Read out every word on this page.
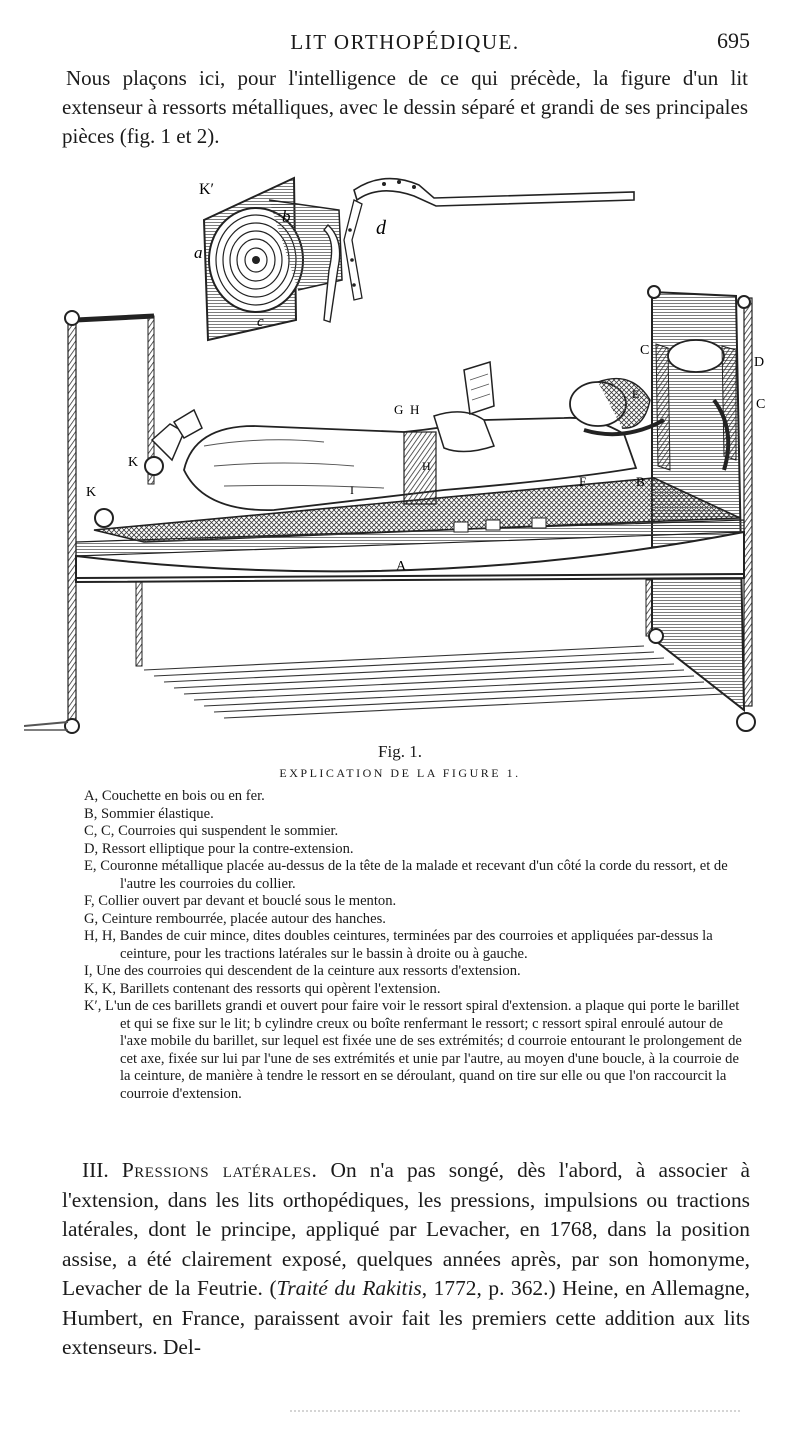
LIT ORTHOPÉDIQUE.	695
Nous plaçons ici, pour l'intelligence de ce qui précède, la figure d'un lit extenseur à ressorts métalliques, avec le dessin séparé et grandi de ses principales pièces (fig. 1 et 2).
K′
a
b
c
d
C
C
D
A
K
K
B
F
G H
H
I
E
Fig. 1.
EXPLICATION DE LA FIGURE 1.
A, Couchette en bois ou en fer.
B, Sommier élastique.
C, C, Courroies qui suspendent le sommier.
D, Ressort elliptique pour la contre-extension.
E, Couronne métallique placée au-dessus de la tête de la malade et recevant d'un côté la corde du ressort, et de l'autre les courroies du collier.
F, Collier ouvert par devant et bouclé sous le menton.
G, Ceinture rembourrée, placée autour des hanches.
H, H, Bandes de cuir mince, dites doubles ceintures, terminées par des courroies et appliquées par-dessus la ceinture, pour les tractions latérales sur le bassin à droite ou à gauche.
I, Une des courroies qui descendent de la ceinture aux ressorts d'extension.
K, K, Barillets contenant des ressorts qui opèrent l'extension.
K′, L'un de ces barillets grandi et ouvert pour faire voir le ressort spiral d'extension. a plaque qui porte le barillet et qui se fixe sur le lit; b cylindre creux ou boîte renfermant le ressort; c ressort spiral enroulé autour de l'axe mobile du barillet, sur lequel est fixée une de ses extrémités; d courroie entourant le prolongement de cet axe, fixée sur lui par l'une de ses extrémités et unie par l'autre, au moyen d'une boucle, à la courroie de la ceinture, de manière à tendre le ressort en se déroulant, quand on tire sur elle ou que l'on raccourcit la courroie d'extension.
III. Pressions latérales. On n'a pas songé, dès l'abord, à associer à l'extension, dans les lits orthopédiques, les pressions, impulsions ou tractions latérales, dont le principe, appliqué par Levacher, en 1768, dans la position assise, a été clairement exposé, quelques années après, par son homonyme, Levacher de la Feutrie. (Traité du Rakitis, 1772, p. 362.) Heine, en Allemagne, Humbert, en France, paraissent avoir fait les premiers cette addition aux lits extenseurs. Del-
